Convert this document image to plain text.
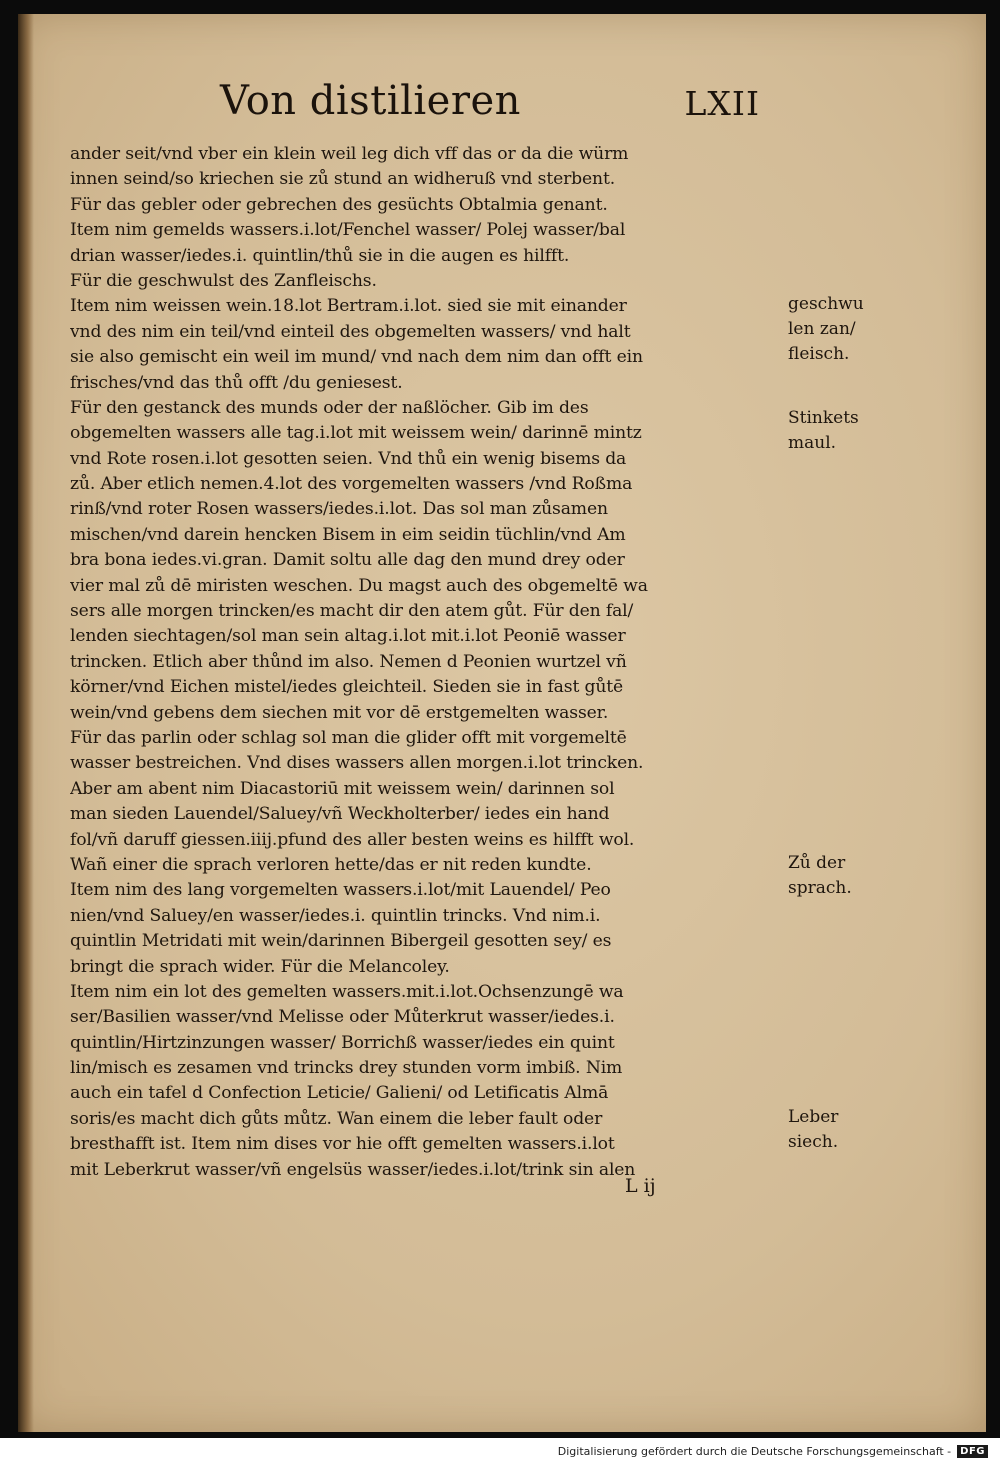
Von distilieren	LXII
ander seit/vnd vber ein klein weil leg dich vff das or da die würm
innen seind/so kriechen sie zů stund an widheruß vnd sterbent.
Für das gebler oder gebrechen des gesüchts Obtalmia genant.
Item nim gemelds wassers.i.lot/Fenchel wasser/ Polej wasser/bal
drian wasser/iedes.i. quintlin/thů sie in die augen es hilfft.
Für die geschwulst des Zanfleischs.
Item nim weissen wein.18.lot Bertram.i.lot. sied sie mit einander
vnd des nim ein teil/vnd einteil des obgemelten wassers/ vnd halt
sie also gemischt ein weil im mund/ vnd nach dem nim dan offt ein
frisches/vnd das thů offt /du geniesest.
Für den gestanck des munds oder der naßlöcher. Gib im des
obgemelten wassers alle tag.i.lot mit weissem wein/ darinnē mintz
vnd Rote rosen.i.lot gesotten seien. Vnd thů ein wenig bisems da
zů. Aber etlich nemen.4.lot des vorgemelten wassers /vnd Roßma
rinß/vnd roter Rosen wassers/iedes.i.lot. Das sol man zůsamen
mischen/vnd darein hencken Bisem in eim seidin tüchlin/vnd Am
bra bona iedes.vi.gran. Damit soltu alle dag den mund drey oder
vier mal zů dē miristen weschen. Du magst auch des obgemeltē wa
sers alle morgen trincken/es macht dir den atem gůt. Für den fal/
lenden siechtagen/sol man sein altag.i.lot mit.i.lot Peoniē wasser
trincken. Etlich aber thůnd im also. Nemen d Peonien wurtzel vñ
körner/vnd Eichen mistel/iedes gleichteil. Sieden sie in fast gůtē
wein/vnd gebens dem siechen mit vor dē erstgemelten wasser.
Für das parlin oder schlag sol man die glider offt mit vorgemeltē
wasser bestreichen. Vnd dises wassers allen morgen.i.lot trincken.
Aber am abent nim Diacastoriū mit weissem wein/ darinnen sol
man sieden Lauendel/Saluey/vñ Weckholterber/ iedes ein hand
fol/vñ daruff giessen.iiij.pfund des aller besten weins es hilfft wol.
Wañ einer die sprach verloren hette/das er nit reden kundte.
Item nim des lang vorgemelten wassers.i.lot/mit Lauendel/ Peo
nien/vnd Saluey/en wasser/iedes.i. quintlin trincks. Vnd nim.i.
quintlin Metridati mit wein/darinnen Bibergeil gesotten sey/ es
bringt die sprach wider. Für die Melancoley.
Item nim ein lot des gemelten wassers.mit.i.lot.Ochsenzungē wa
ser/Basilien wasser/vnd Melisse oder Můterkrut wasser/iedes.i.
quintlin/Hirtzinzungen wasser/ Borrichß wasser/iedes ein quint
lin/misch es zesamen vnd trincks drey stunden vorm imbiß. Nim
auch ein tafel d Confection Leticie/ Galieni/ od Letificatis Almā
soris/es macht dich gůts můtz. Wan einem die leber fault oder
bresthafft ist. Item nim dises vor hie offt gemelten wassers.i.lot
mit Leberkrut wasser/vñ engelsüs wasser/iedes.i.lot/trink sin alen
geschwu
len zan/
fleisch.
Stinkets
maul.
Zů der
sprach.
Leber
siech.
L ij
Digitalisierung gefördert durch die Deutsche Forschungsgemeinschaft - DFG
